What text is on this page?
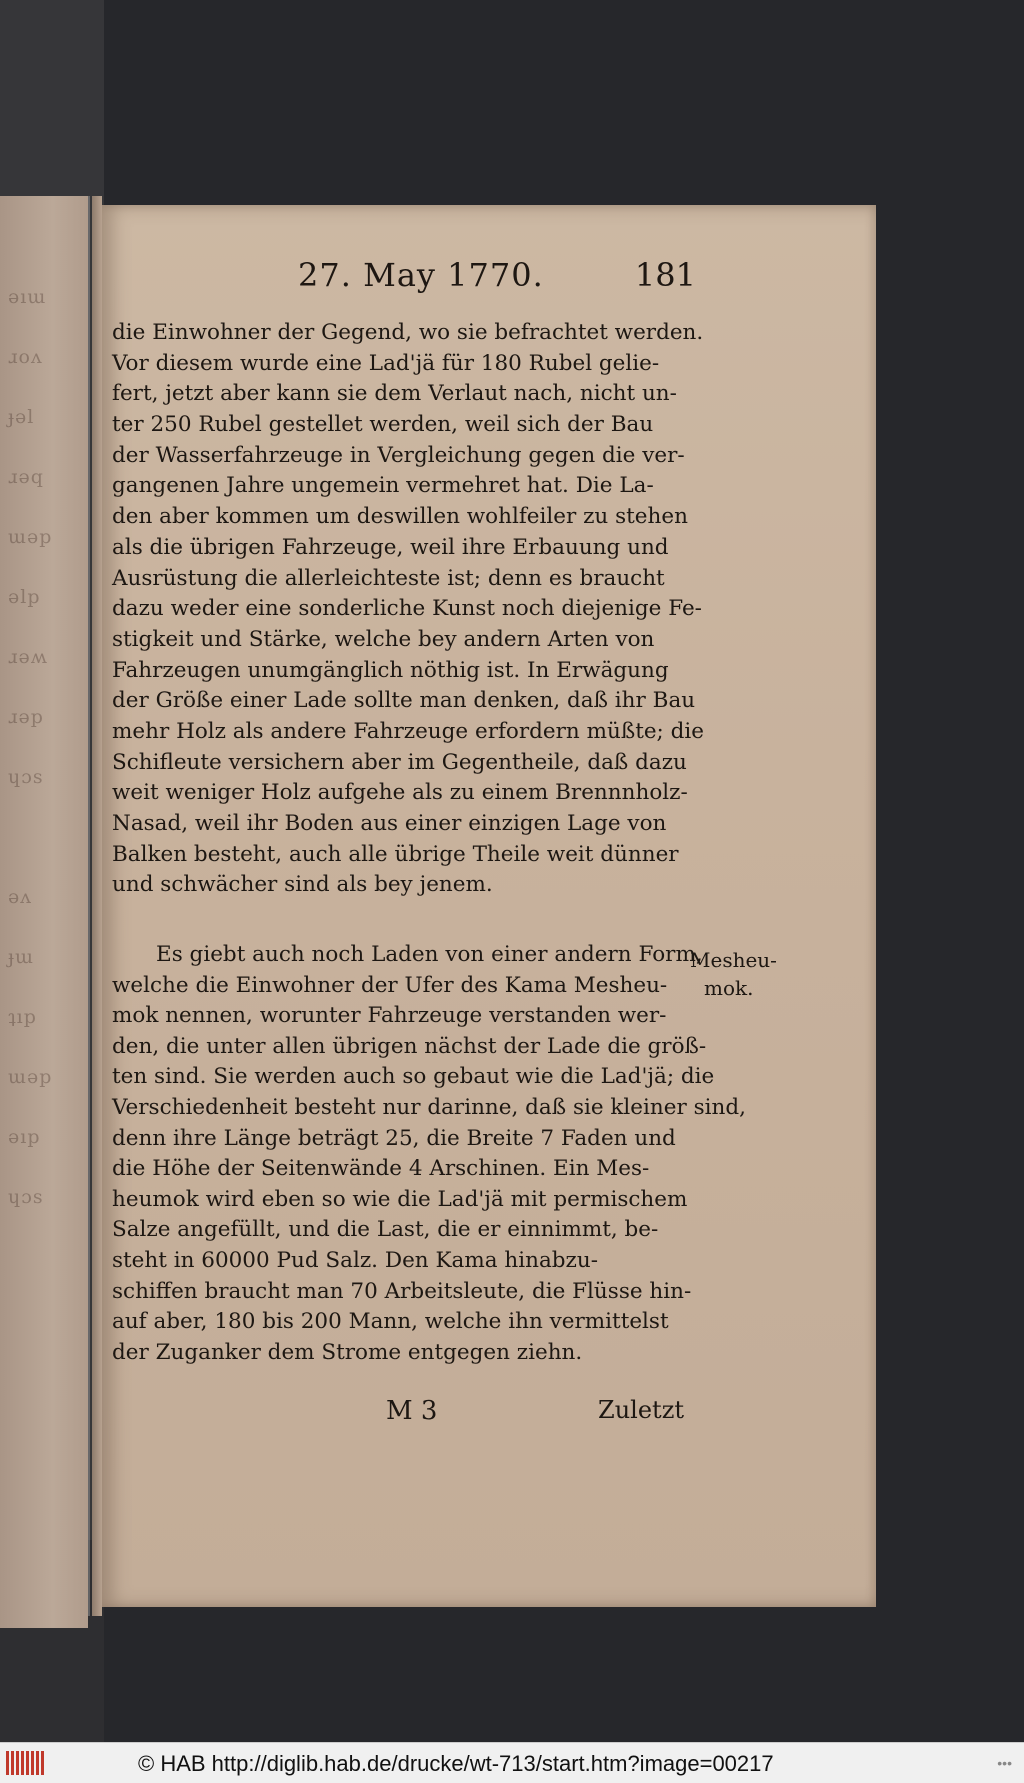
ǝıɯ
ɹoʌ
ɟǝl
ɹǝq
ɯǝp
ǝlp
ɹǝʍ
ɹǝp
ɥɔs
ǝʌ
ɟɯ
ʇıp
ɯǝp
ǝıp
ɥɔs
27. May 1770.	181
die Einwohner der Gegend, wo sie befrachtet werden.
Vor diesem wurde eine Lad'jä für 180 Rubel gelie-
fert, jetzt aber kann sie dem Verlaut nach, nicht un-
ter 250 Rubel gestellet werden, weil sich der Bau
der Wasserfahrzeuge in Vergleichung gegen die ver-
gangenen Jahre ungemein vermehret hat. Die La-
den aber kommen um deswillen wohlfeiler zu stehen
als die übrigen Fahrzeuge, weil ihre Erbauung und
Ausrüstung die allerleichteste ist; denn es braucht
dazu weder eine sonderliche Kunst noch diejenige Fe-
stigkeit und Stärke, welche bey andern Arten von
Fahrzeugen unumgänglich nöthig ist. In Erwägung
der Größe einer Lade sollte man denken, daß ihr Bau
mehr Holz als andere Fahrzeuge erfordern müßte; die
Schifleute versichern aber im Gegentheile, daß dazu
weit weniger Holz aufgehe als zu einem Brennnholz-
Nasad, weil ihr Boden aus einer einzigen Lage von
Balken besteht, auch alle übrige Theile weit dünner
und schwächer sind als bey jenem.
Es giebt auch noch Laden von einer andern Form,
welche die Einwohner der Ufer des Kama Meshеu-
mok nennen, worunter Fahrzeuge verstanden wer-
den, die unter allen übrigen nächst der Lade die größ-
ten sind. Sie werden auch so gebaut wie die Lad'jä; die
Verschiedenheit besteht nur darinne, daß sie kleiner sind,
denn ihre Länge beträgt 25, die Breite 7 Faden und
die Höhe der Seitenwände 4 Arschinen. Ein Mes-
heumok wird eben so wie die Lad'jä mit permischem
Salze angefüllt, und die Last, die er einnimmt, be-
steht in 60000 Pud Salz. Den Kama hinabzu-
schiffen braucht man 70 Arbeitsleute, die Flüsse hin-
auf aber, 180 bis 200 Mann, welche ihn vermittelst
der Zuganker dem Strome entgegen ziehn.
Meshеu-
mok.
M 3	Zuletzt
© HAB http://diglib.hab.de/drucke/wt-713/start.htm?image=00217	•••
